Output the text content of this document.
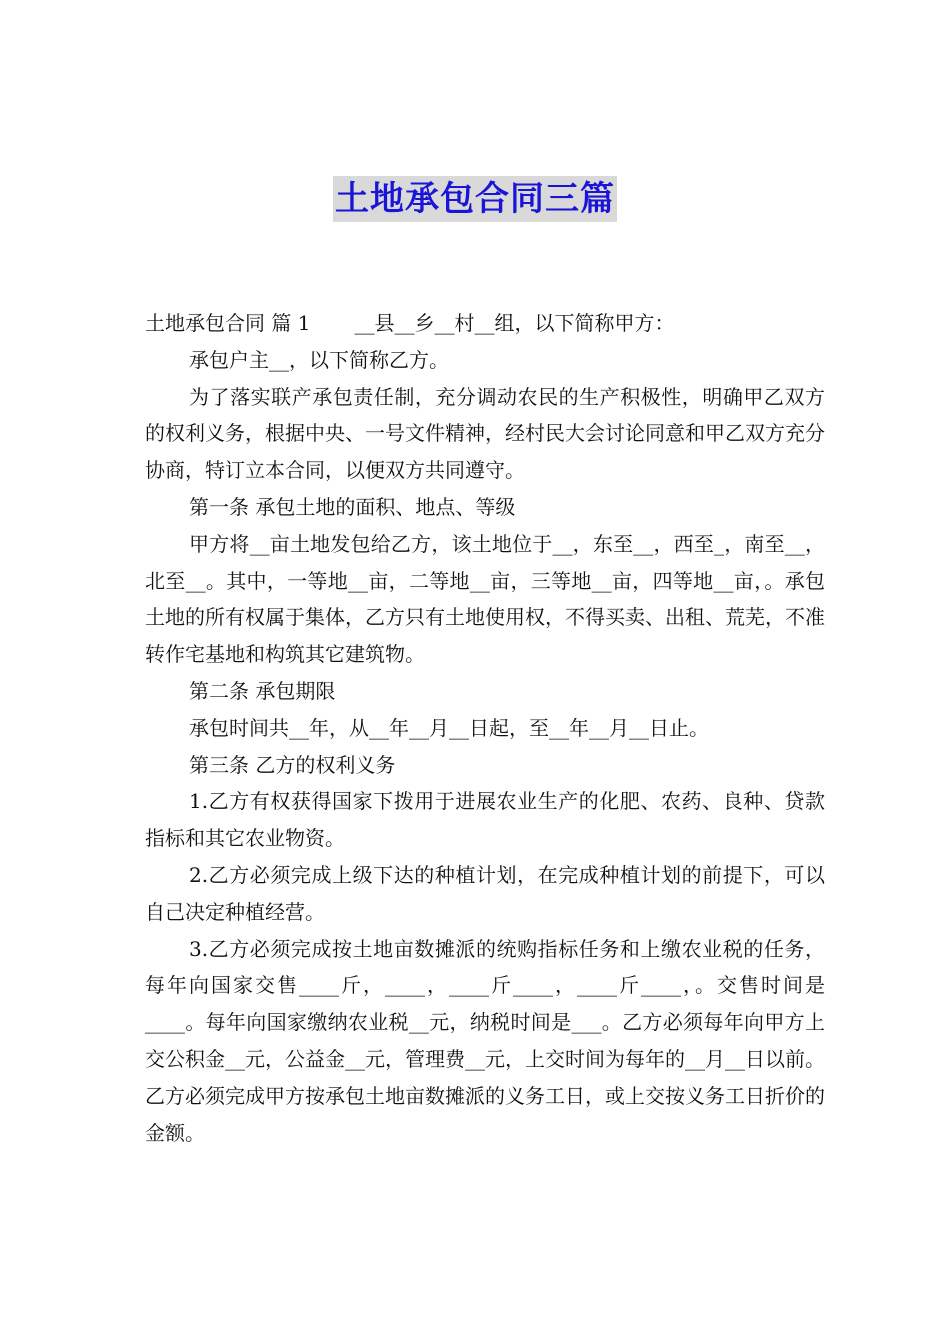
土地承包合同三篇

土地承包合同 篇 1 __县__乡__村__组，以下简称甲方：

承包户主__，以下简称乙方。

为了落实联产承包责任制，充分调动农民的生产积极性，明确甲乙双方的权利义务，根据中央、一号文件精神，经村民大会讨论同意和甲乙双方充分协商，特订立本合同，以便双方共同遵守。

第一条 承包土地的面积、地点、等级

甲方将__亩土地发包给乙方，该土地位于__，东至__，西至_，南至__，北至__。其中，一等地__亩，二等地__亩，三等地__亩，四等地__亩，。承包土地的所有权属于集体，乙方只有土地使用权，不得买卖、出租、荒芜，不准转作宅基地和构筑其它建筑物。

第二条 承包期限

承包时间共__年，从__年__月__日起，至__年__月__日止。

第三条 乙方的权利义务

1.乙方有权获得国家下拨用于进展农业生产的化肥、农药、良种、贷款指标和其它农业物资。

2.乙方必须完成上级下达的种植计划，在完成种植计划的前提下，可以自己决定种植经营。

3.乙方必须完成按土地亩数摊派的统购指标任务和上缴农业税的任务，每年向国家交售____斤，____，____斤____，____斤____，。交售时间是____。每年向国家缴纳农业税__元，纳税时间是___。乙方必须每年向甲方上交公积金__元，公益金__元，管理费__元，上交时间为每年的__月__日以前。乙方必须完成甲方按承包土地亩数摊派的义务工日，或上交按义务工日折价的金额。
